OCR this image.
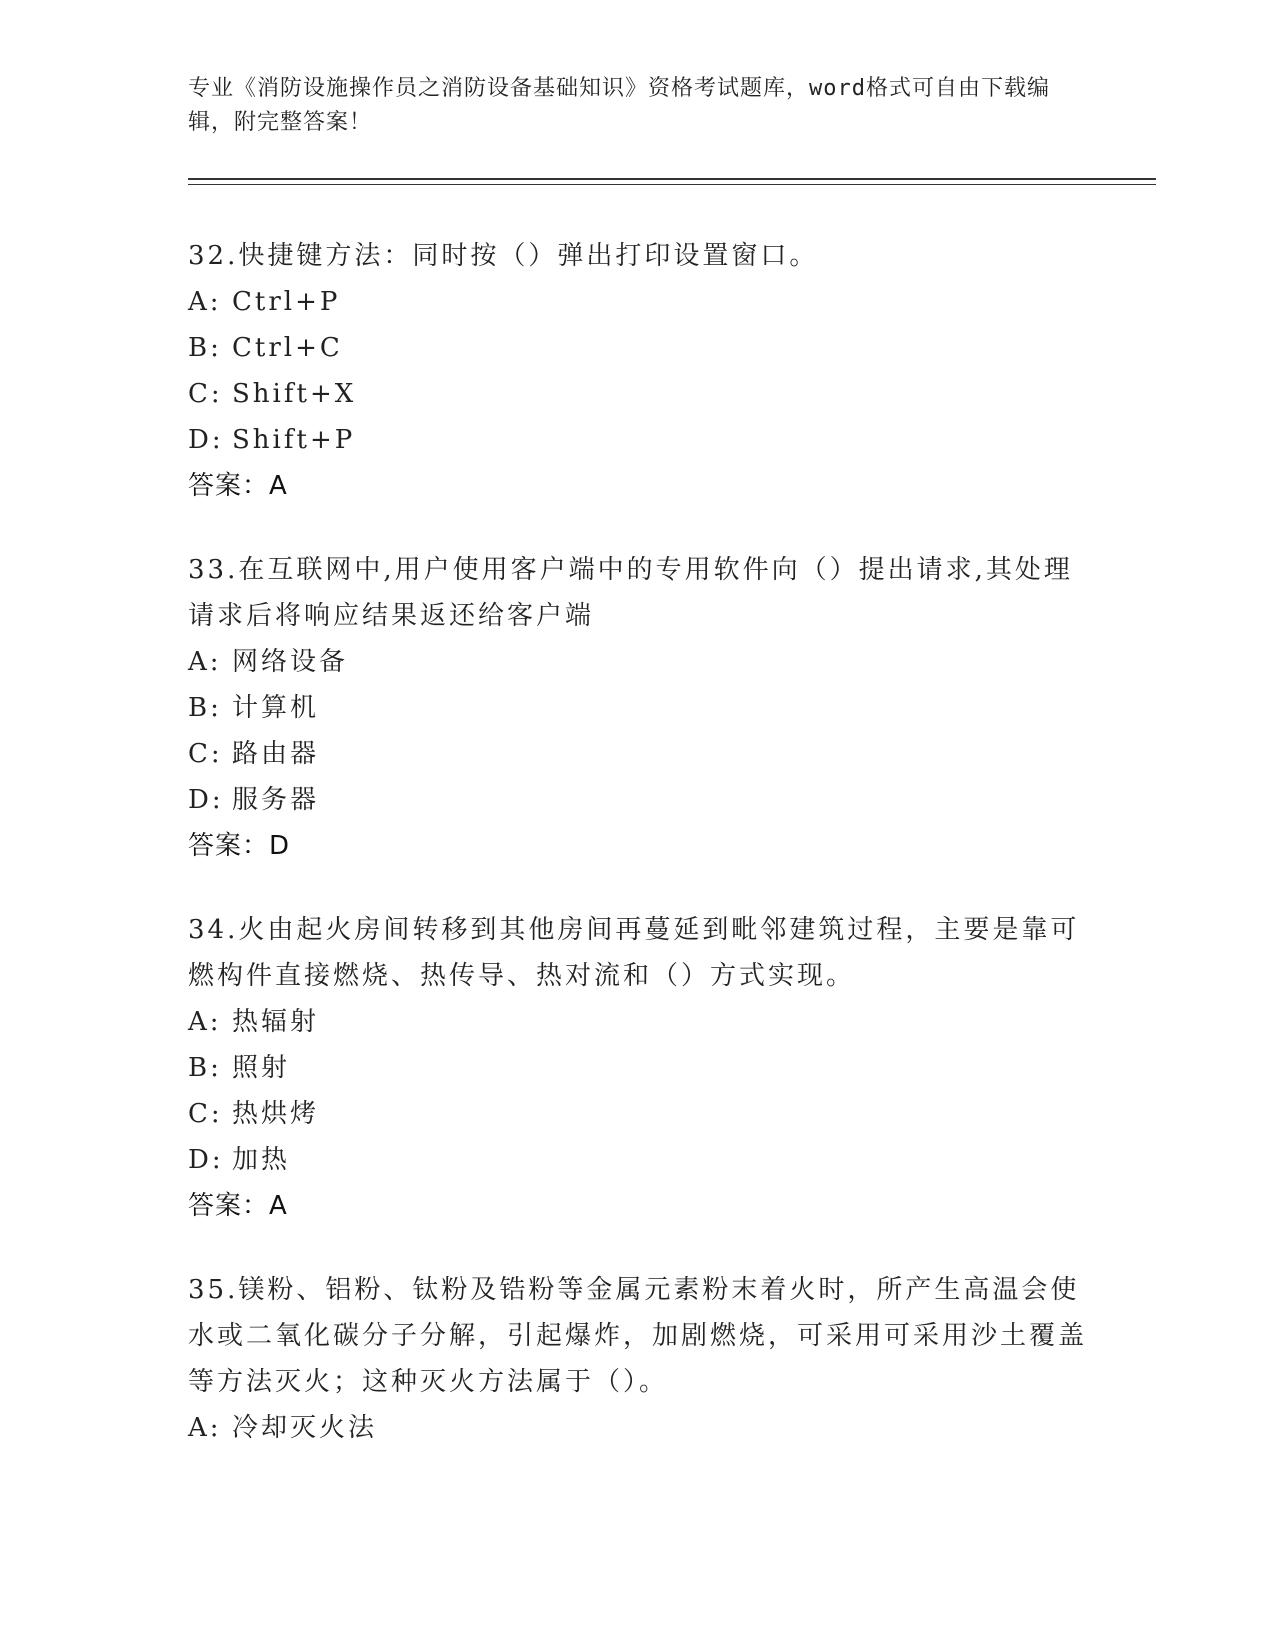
专业《消防设施操作员之消防设备基础知识》资格考试题库，word格式可自由下载编辑，附完整答案！

32.快捷键方法：同时按（）弹出打印设置窗口。

A: Ctrl+P
B: Ctrl+C
C: Shift+X
D: Shift+P
答案：A

33.在互联网中,用户使用客户端中的专用软件向（）提出请求,其处理请求后将响应结果返还给客户端

A: 网络设备
B: 计算机
C: 路由器
D: 服务器
答案：D

34.火由起火房间转移到其他房间再蔓延到毗邻建筑过程，主要是靠可燃构件直接燃烧、热传导、热对流和（）方式实现。

A: 热辐射
B: 照射
C: 热烘烤
D: 加热
答案：A

35.镁粉、铝粉、钛粉及锆粉等金属元素粉末着火时，所产生高温会使水或二氧化碳分子分解，引起爆炸，加剧燃烧，可采用可采用沙土覆盖等方法灭火；这种灭火方法属于（）。

A: 冷却灭火法
